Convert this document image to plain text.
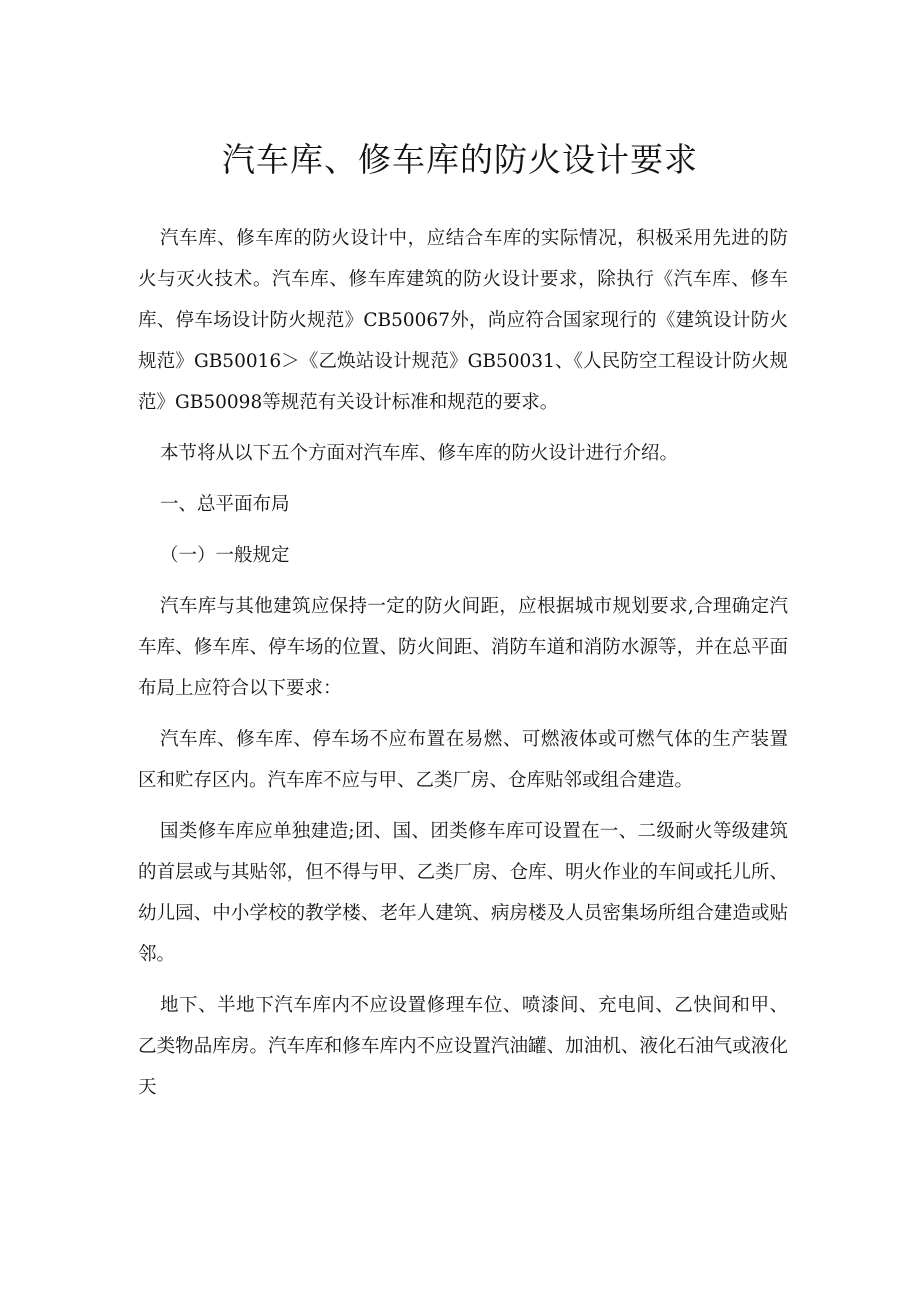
汽车库、修车库的防火设计要求

汽车库、修车库的防火设计中，应结合车库的实际情况，积极采用先进的防火与灭火技术。汽车库、修车库建筑的防火设计要求，除执行《汽车库、修车库、停车场设计防火规范》CB50067外，尚应符合国家现行的《建筑设计防火规范》GB50016＞《乙焕站设计规范》GB50031、《人民防空工程设计防火规范》GB50098等规范有关设计标准和规范的要求。

本节将从以下五个方面对汽车库、修车库的防火设计进行介绍。

一、总平面布局

（一）一般规定

汽车库与其他建筑应保持一定的防火间距，应根据城市规划要求,合理确定汽车库、修车库、停车场的位置、防火间距、消防车道和消防水源等，并在总平面布局上应符合以下要求：

汽车库、修车库、停车场不应布置在易燃、可燃液体或可燃气体的生产装置区和贮存区内。汽车库不应与甲、乙类厂房、仓库贴邻或组合建造。

国类修车库应单独建造;团、国、团类修车库可设置在一、二级耐火等级建筑的首层或与其贴邻，但不得与甲、乙类厂房、仓库、明火作业的车间或托儿所、幼儿园、中小学校的教学楼、老年人建筑、病房楼及人员密集场所组合建造或贴邻。

地下、半地下汽车库内不应设置修理车位、喷漆间、充电间、乙快间和甲、乙类物品库房。汽车库和修车库内不应设置汽油罐、加油机、液化石油气或液化天
